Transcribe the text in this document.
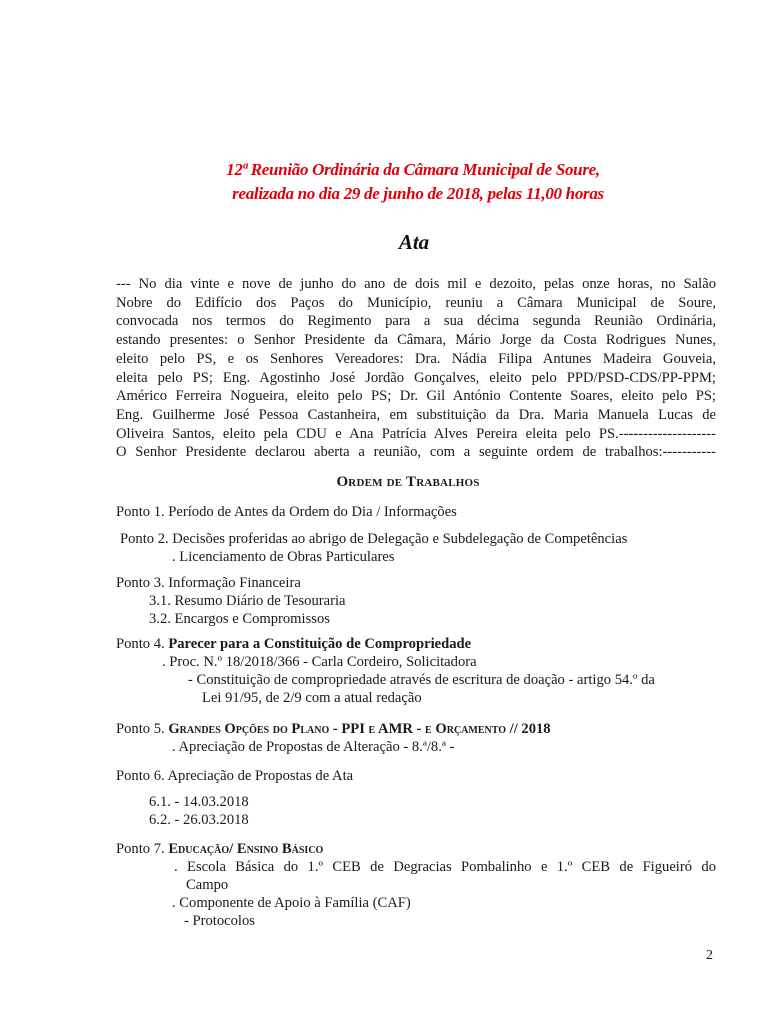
12ª Reunião Ordinária da Câmara Municipal de Soure,
realizada no dia 29 de junho de 2018, pelas 11,00 horas
Ata
--- No dia vinte e nove de junho do ano de dois mil e dezoito, pelas onze horas, no Salão
Nobre do Edifício dos Paços do Município, reuniu a Câmara Municipal de Soure,
convocada nos termos do Regimento para a sua décima segunda Reunião Ordinária,
estando presentes: o Senhor Presidente da Câmara, Mário Jorge da Costa Rodrigues Nunes,
eleito pelo PS, e os Senhores Vereadores: Dra. Nádia Filipa Antunes Madeira Gouveia,
eleita pelo PS; Eng. Agostinho José Jordão Gonçalves, eleito pelo PPD/PSD-CDS/PP-PPM;
Américo Ferreira Nogueira, eleito pelo PS; Dr. Gil António Contente Soares, eleito pelo PS;
Eng. Guilherme José Pessoa Castanheira, em substituição da Dra. Maria Manuela Lucas de
Oliveira Santos, eleito pela CDU e Ana Patrícia Alves Pereira eleita pelo PS.--------------------
O Senhor Presidente declarou aberta a reunião, com a seguinte ordem de trabalhos:-----------
Ordem de Trabalhos
Ponto 1. Período de Antes da Ordem do Dia / Informações
Ponto 2. Decisões proferidas ao abrigo de Delegação e Subdelegação de Competências
. Licenciamento de Obras Particulares
Ponto 3. Informação Financeira
3.1. Resumo Diário de Tesouraria
3.2. Encargos e Compromissos
Ponto 4. Parecer para a Constituição de Compropriedade
. Proc. N.º 18/2018/366 - Carla Cordeiro, Solicitadora
- Constituição de compropriedade através de escritura de doação - artigo 54.º da
Lei 91/95, de 2/9 com a atual redação
Ponto 5. Grandes Opções do Plano - PPI e AMR - e Orçamento // 2018
. Apreciação de Propostas de Alteração - 8.ª/8.ª -
Ponto 6. Apreciação de Propostas de Ata
6.1. - 14.03.2018
6.2. - 26.03.2018
Ponto 7. Educação/ Ensino Básico
. Escola Básica do 1.º CEB de Degracias Pombalinho e 1.º CEB de Figueiró do
Campo
. Componente de Apoio à Família (CAF)
- Protocolos
2
